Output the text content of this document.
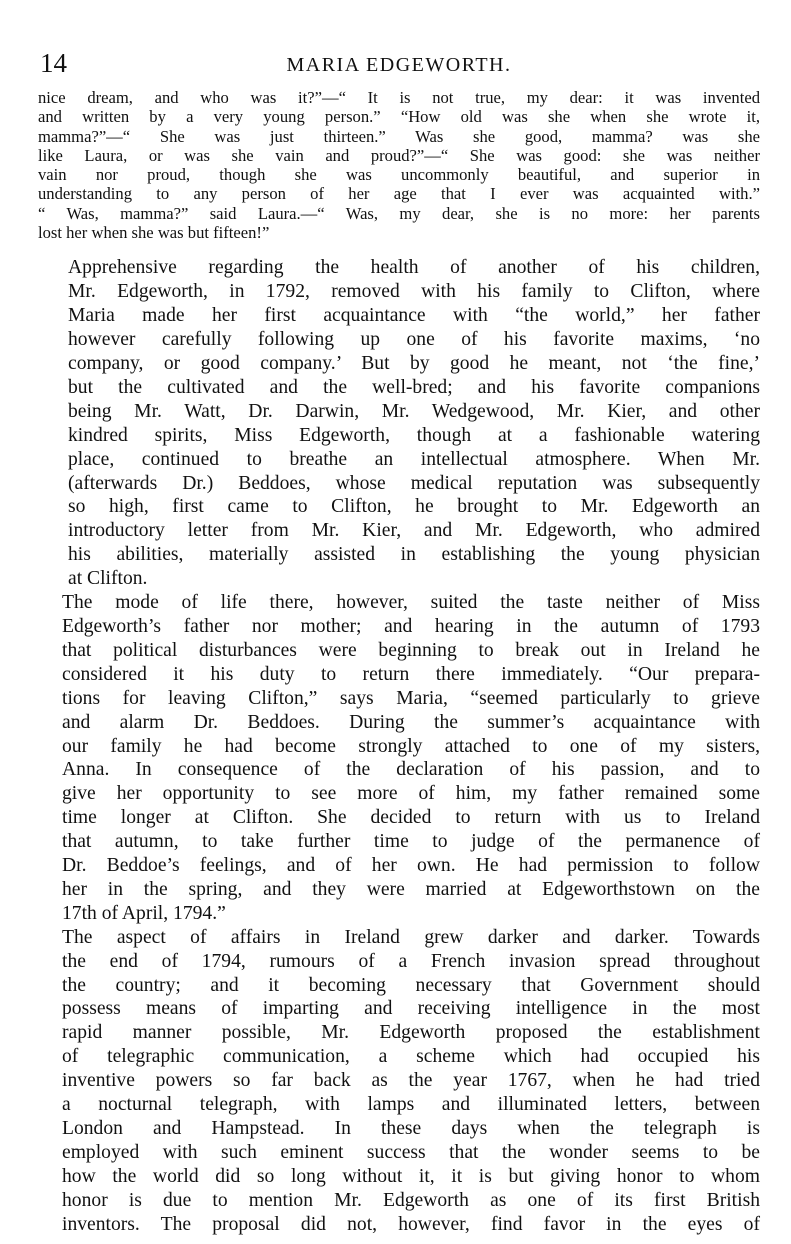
14	MARIA EDGEWORTH.
nice dream, and who was it?”—“ It is not true, my dear: it was invented
and written by a very young person.” “How old was she when she wrote it,
mamma?”—“ She was just thirteen.” Was she good, mamma? was she
like Laura, or was she vain and proud?”—“ She was good: she was neither
vain nor proud, though she was uncommonly beautiful, and superior in
understanding to any person of her age that I ever was acquainted with.”
“ Was, mamma?” said Laura.—“ Was, my dear, she is no more: her parents
lost her when she was but fifteen!”

Apprehensive regarding the health of another of his children,
Mr. Edgeworth, in 1792, removed with his family to Clifton, where
Maria made her first acquaintance with “the world,” her father
however carefully following up one of his favorite maxims, ‘no
company, or good company.’ But by good he meant, not ‘the fine,’
but the cultivated and the well-bred; and his favorite companions
being Mr. Watt, Dr. Darwin, Mr. Wedgewood, Mr. Kier, and other
kindred spirits, Miss Edgeworth, though at a fashionable watering
place, continued to breathe an intellectual atmosphere. When Mr.
(afterwards Dr.) Beddoes, whose medical reputation was subsequently
so high, first came to Clifton, he brought to Mr. Edgeworth an
introductory letter from Mr. Kier, and Mr. Edgeworth, who admired
his abilities, materially assisted in establishing the young physician
at Clifton.

The mode of life there, however, suited the taste neither of Miss
Edgeworth’s father nor mother; and hearing in the autumn of 1793
that political disturbances were beginning to break out in Ireland he
considered it his duty to return there immediately. “Our prepara-
tions for leaving Clifton,” says Maria, “seemed particularly to grieve
and alarm Dr. Beddoes. During the summer’s acquaintance with
our family he had become strongly attached to one of my sisters,
Anna. In consequence of the declaration of his passion, and to
give her opportunity to see more of him, my father remained some
time longer at Clifton. She decided to return with us to Ireland
that autumn, to take further time to judge of the permanence of
Dr. Beddoe’s feelings, and of her own. He had permission to follow
her in the spring, and they were married at Edgeworthstown on the
17th of April, 1794.”

The aspect of affairs in Ireland grew darker and darker. Towards
the end of 1794, rumours of a French invasion spread throughout
the country; and it becoming necessary that Government should
possess means of imparting and receiving intelligence in the most
rapid manner possible, Mr. Edgeworth proposed the establishment
of telegraphic communication, a scheme which had occupied his
inventive powers so far back as the year 1767, when he had tried
a nocturnal telegraph, with lamps and illuminated letters, between
London and Hampstead. In these days when the telegraph is
employed with such eminent success that the wonder seems to be
how the world did so long without it, it is but giving honor to whom
honor is due to mention Mr. Edgeworth as one of its first British
inventors. The proposal did not, however, find favor in the eyes of
